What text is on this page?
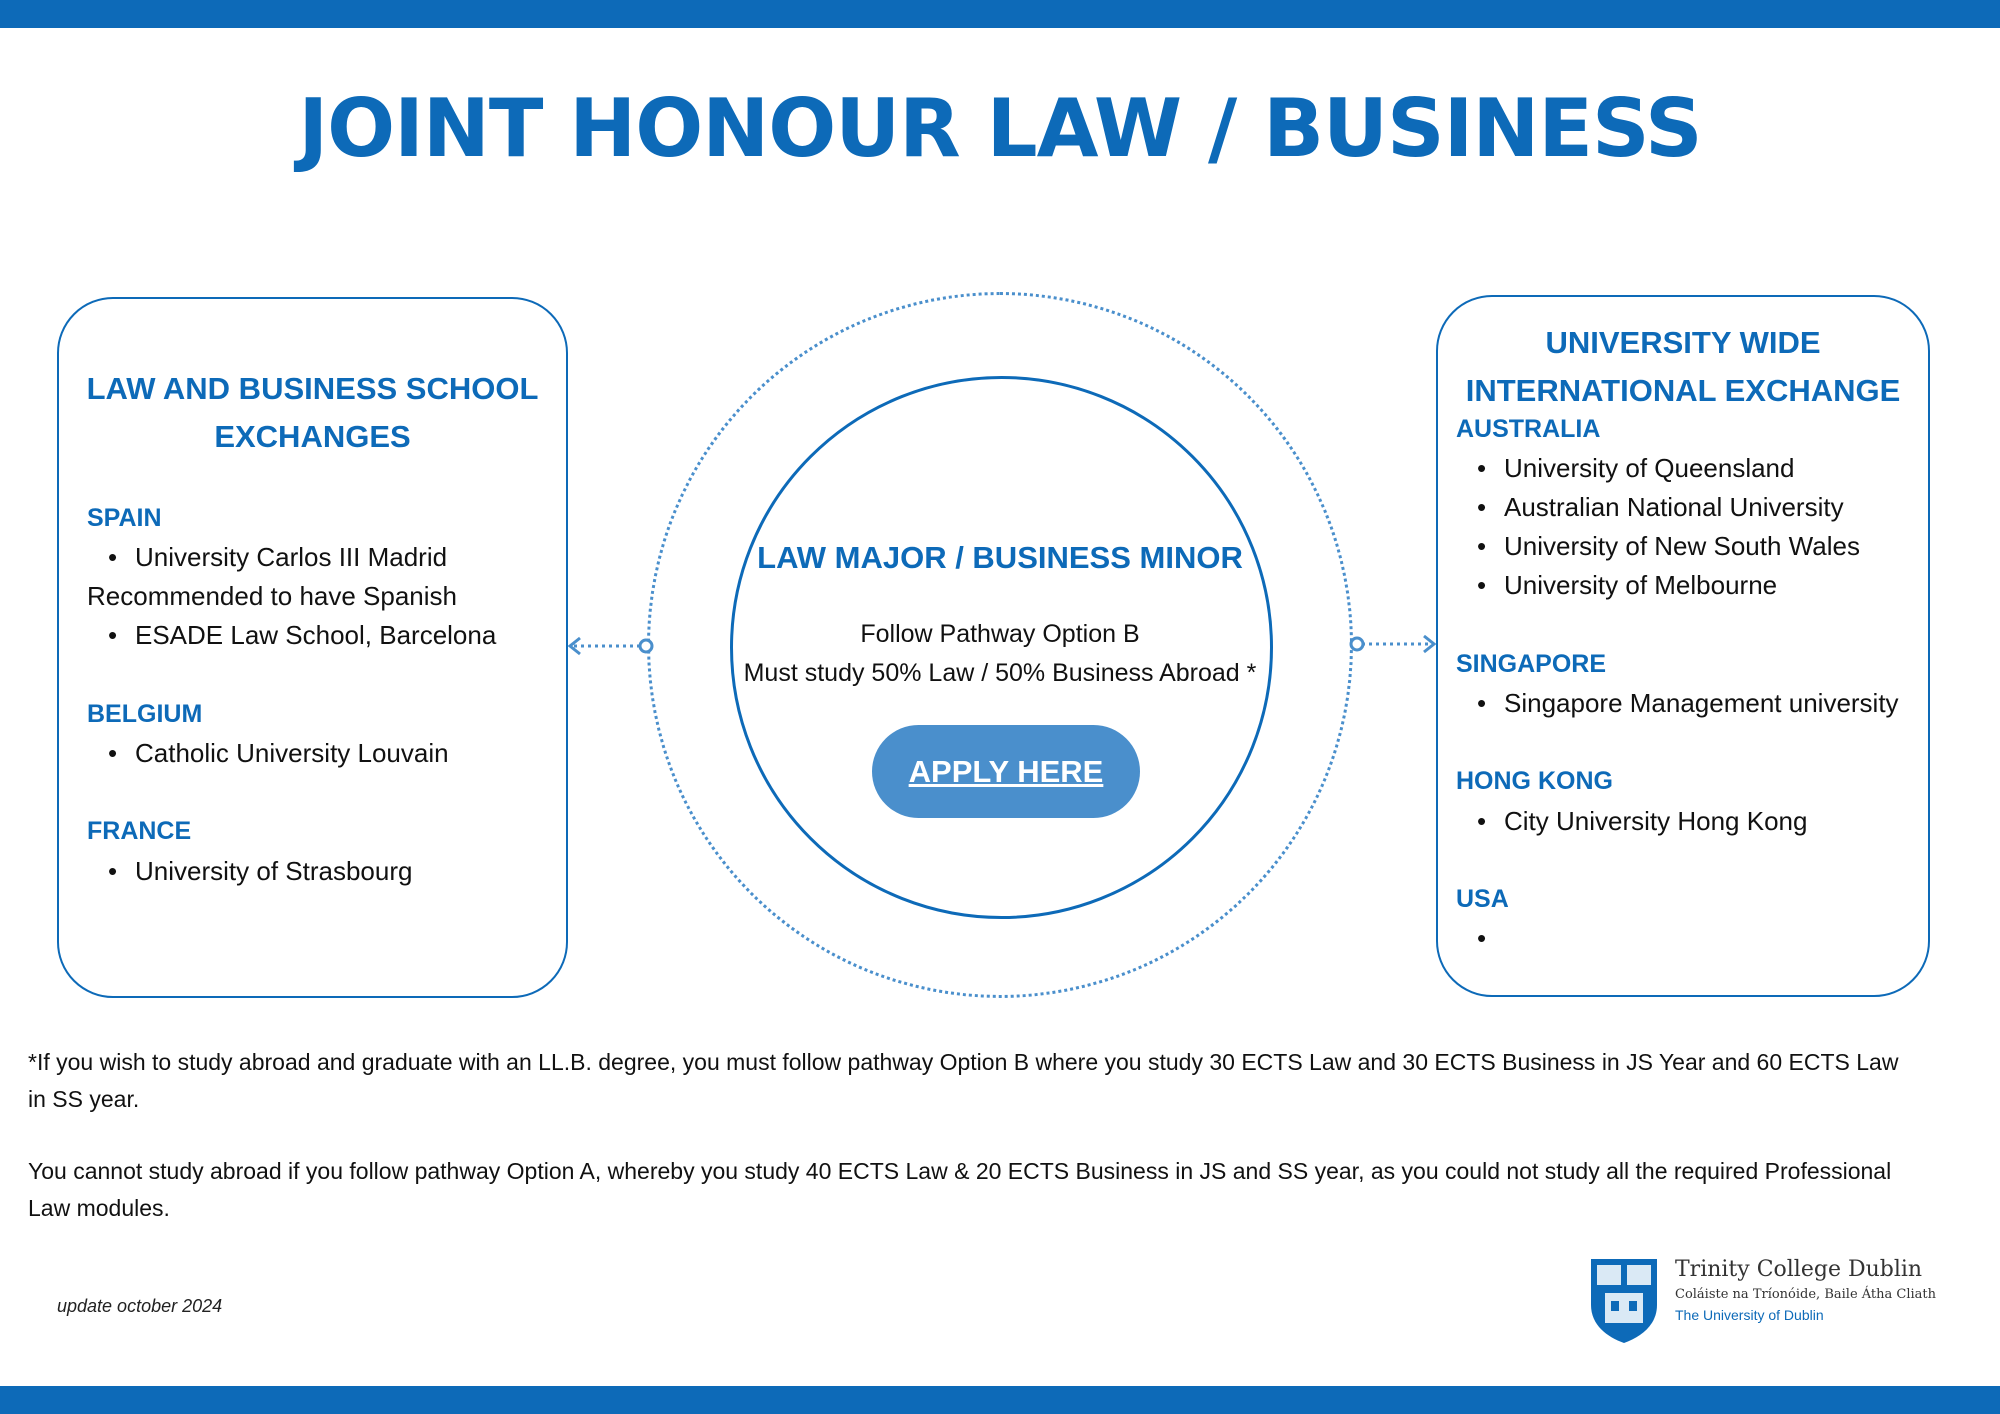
JOINT HONOUR LAW / BUSINESS
LAW AND BUSINESS SCHOOL
EXCHANGES
SPAIN
• University Carlos III Madrid
Recommended to have Spanish
• ESADE Law School, Barcelona
BELGIUM
• Catholic University Louvain
FRANCE
• University of Strasbourg
UNIVERSITY WIDE
INTERNATIONAL EXCHANGE
AUSTRALIA
• University of Queensland
• Australian National University
• University of New South Wales
• University of Melbourne
SINGAPORE
• Singapore Management university
HONG KONG
• City University Hong Kong
USA
•
LAW MAJOR / BUSINESS MINOR
Follow Pathway Option B
Must study 50% Law / 50% Business Abroad *
APPLY HERE
*If you wish to study abroad and graduate with an LL.B. degree, you must follow pathway Option B where you study 30 ECTS Law and 30 ECTS Business in JS Year and 60 ECTS Law
in SS year.
You cannot study abroad if you follow pathway Option A, whereby you study 40 ECTS Law & 20 ECTS Business in JS and SS year, as you could not study all the required Professional
Law modules.
update october 2024
Trinity College Dublin
Coláiste na Tríonóide, Baile Átha Cliath
The University of Dublin
